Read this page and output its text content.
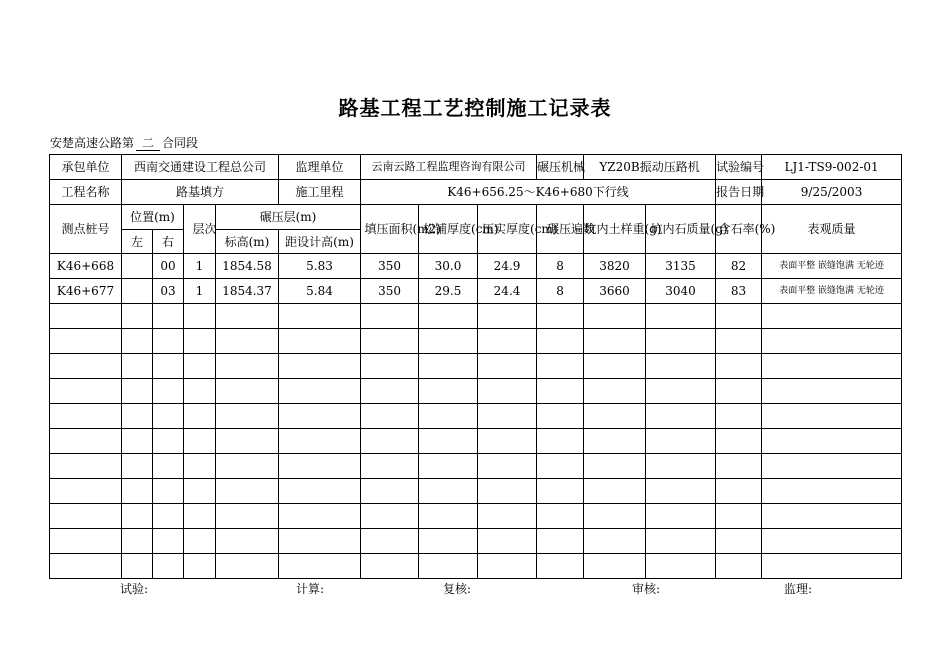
路基工程工艺控制施工记录表
安楚高速公路第 二 合同段
承包单位	西南交通建设工程总公司				监理单位	云南云路工程监理咨询有限公司			碾压机械	YZ20B振动压路机		试验编号	LJ1-TS9-002-01
工程名称	路基填方				施工里程	K46+656.25～K46+680下行线						报告日期	9/25/2003
测点桩号	位置(m)		层次	碾压层(m)		填压面积(m2)	松铺厚度(cm)	压实厚度(cm)	碾压遍数	坑内土样重(g)	坑内石质量(g)	含石率(%)	表观质量
	左	右		标高(m)	距设计高(m)								
K46+668		00	1	1854.58	5.83	350	30.0	24.9	8	3820	3135	82	表面平整 嵌缝饱满 无轮迹
K46+677		03	1	1854.37	5.84	350	29.5	24.4	8	3660	3040	83	表面平整 嵌缝饱满 无轮迹

试验:	计算:	复核:	审核:	监理:
